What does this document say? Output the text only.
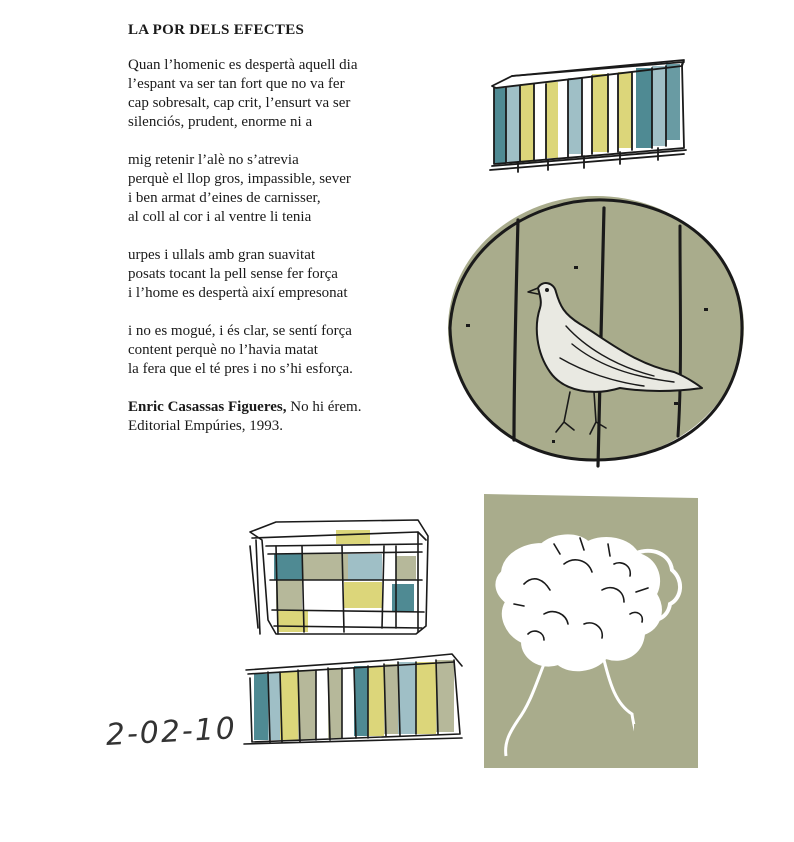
LA POR DELS EFECTES
Quan l’homenic es despertà aquell dia
l’espant va ser tan fort que no va fer
cap sobresalt, cap crit, l’ensurt va ser
silenciós, prudent, enorme ni a
mig retenir l’alè no s’atrevia
perquè el llop gros, impassible, sever
i ben armat d’eines de carnisser,
al coll al cor i al ventre li tenia
urpes i ullals amb gran suavitat
posats tocant la pell sense fer força
i l’home es despertà així empresonat
i no es mogué, i és clar, se sentí força
content perquè no l’havia matat
la fera que el té pres i no s’hi esforça.
Enric Casassas Figueres, No hi érem.
Editorial Empúries, 1993.
2-02-10
